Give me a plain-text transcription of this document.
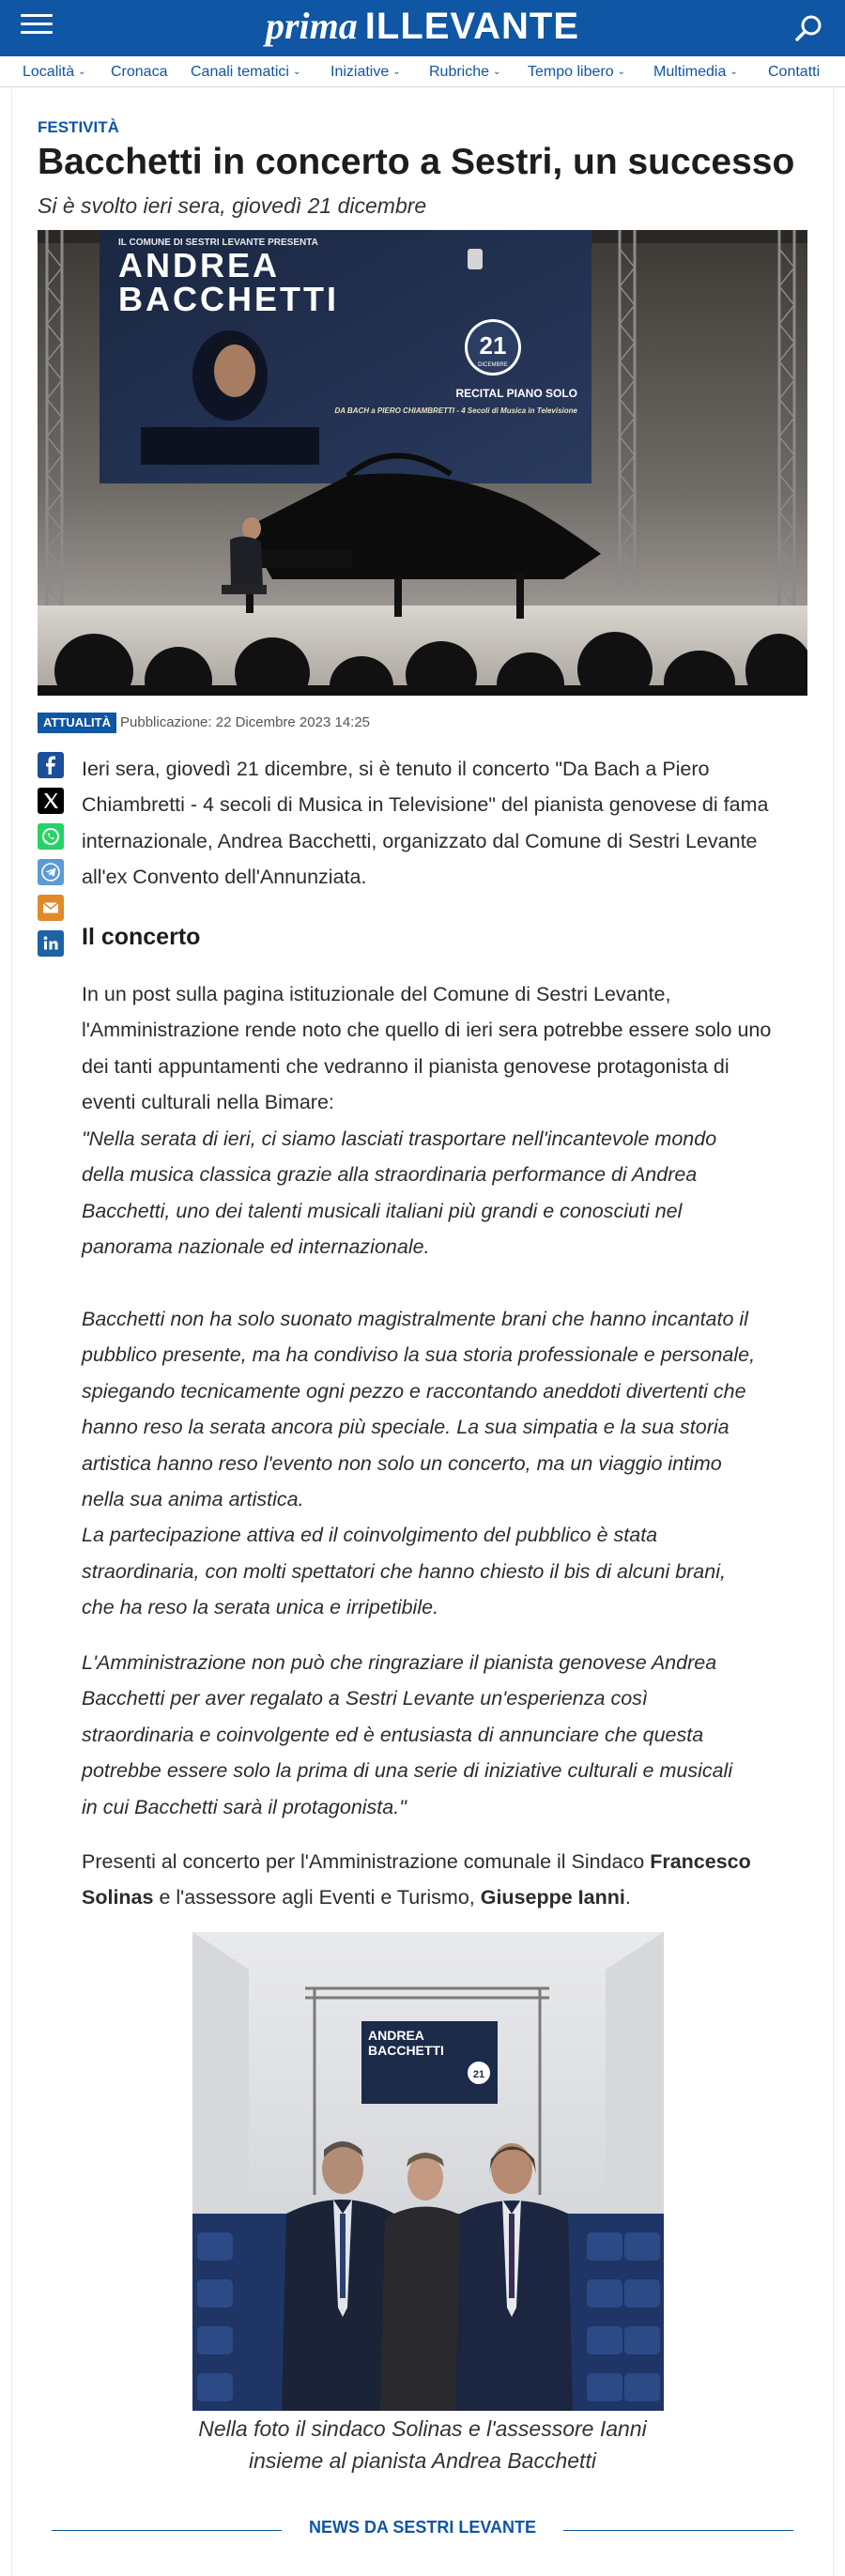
prima ILLEVANTE
Località ⌄ Cronaca Canali tematici ⌄ Iniziative ⌄ Rubriche ⌄ Tempo libero ⌄ Multimedia ⌄ Contatti
FESTIVITÀ
Bacchetti in concerto a Sestri, un successo
Si è svolto ieri sera, giovedì 21 dicembre
IL COMUNE DI SESTRI LEVANTE PRESENTA
ANDREA
BACCHETTI
21
DICEMBRE
RECITAL PIANO SOLO
DA BACH a PIERO CHIAMBRETTI - 4 Secoli di Musica in Televisione
ATTUALITÀ Pubblicazione: 22 Dicembre 2023 14:25
Ieri sera, giovedì 21 dicembre, si è tenuto il concerto "Da Bach a Piero
Chiambretti - 4 secoli di Musica in Televisione" del pianista genovese di fama
internazionale, Andrea Bacchetti, organizzato dal Comune di Sestri Levante
all'ex Convento dell'Annunziata.
Il concerto
In un post sulla pagina istituzionale del Comune di Sestri Levante,
l'Amministrazione rende noto che quello di ieri sera potrebbe essere solo uno
dei tanti appuntamenti che vedranno il pianista genovese protagonista di
eventi culturali nella Bimare:
"Nella serata di ieri, ci siamo lasciati trasportare nell'incantevole mondo
della musica classica grazie alla straordinaria performance di Andrea
Bacchetti, uno dei talenti musicali italiani più grandi e conosciuti nel
panorama nazionale ed internazionale.
Bacchetti non ha solo suonato magistralmente brani che hanno incantato il
pubblico presente, ma ha condiviso la sua storia professionale e personale,
spiegando tecnicamente ogni pezzo e raccontando aneddoti divertenti che
hanno reso la serata ancora più speciale. La sua simpatia e la sua storia
artistica hanno reso l'evento non solo un concerto, ma un viaggio intimo
nella sua anima artistica.
La partecipazione attiva ed il coinvolgimento del pubblico è stata
straordinaria, con molti spettatori che hanno chiesto il bis di alcuni brani,
che ha reso la serata unica e irripetibile.
L'Amministrazione non può che ringraziare il pianista genovese Andrea
Bacchetti per aver regalato a Sestri Levante un'esperienza così
straordinaria e coinvolgente ed è entusiasta di annunciare che questa
potrebbe essere solo la prima di una serie di iniziative culturali e musicali
in cui Bacchetti sarà il protagonista."
Presenti al concerto per l'Amministrazione comunale il Sindaco Francesco
Solinas e l'assessore agli Eventi e Turismo, Giuseppe Ianni.
ANDREA
BACCHETTI
21
Nella foto il sindaco Solinas e l'assessore Ianni
insieme al pianista Andrea Bacchetti
NEWS DA SESTRI LEVANTE
